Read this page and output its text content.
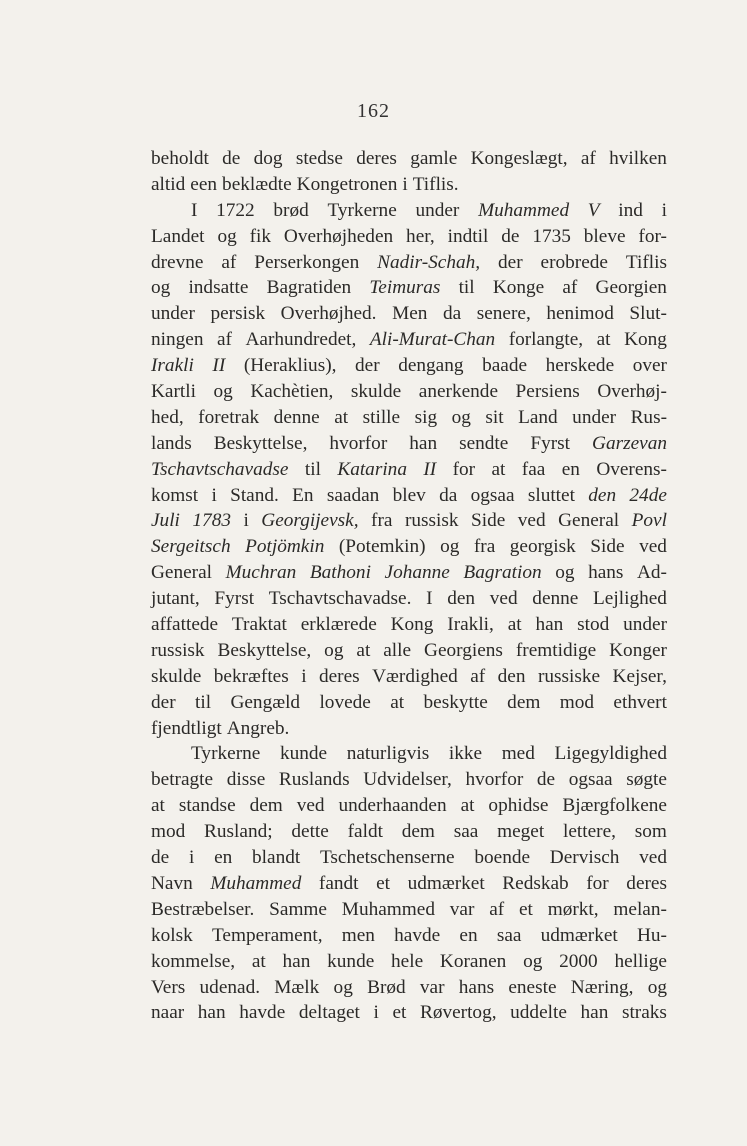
162
beholdt de dog stedse deres gamle Kongeslægt, af hvilken
altid een beklædte Kongetronen i Tiflis.
I 1722 brød Tyrkerne under Muhammed V ind i
Landet og fik Overhøjheden her, indtil de 1735 bleve for-
drevne af Perserkongen Nadir-Schah, der erobrede Tiflis
og indsatte Bagratiden Teimuras til Konge af Georgien
under persisk Overhøjhed. Men da senere, henimod Slut-
ningen af Aarhundredet, Ali-Murat-Chan forlangte, at Kong
Irakli II (Heraklius), der dengang baade herskede over
Kartli og Kachètien, skulde anerkende Persiens Overhøj-
hed, foretrak denne at stille sig og sit Land under Rus-
lands Beskyttelse, hvorfor han sendte Fyrst Garzevan
Tschavtschavadse til Katarina II for at faa en Overens-
komst i Stand. En saadan blev da ogsaa sluttet den 24de
Juli 1783 i Georgijevsk, fra russisk Side ved General Povl
Sergeitsch Potjömkin (Potemkin) og fra georgisk Side ved
General Muchran Bathoni Johanne Bagration og hans Ad-
jutant, Fyrst Tschavtschavadse. I den ved denne Lejlighed
affattede Traktat erklærede Kong Irakli, at han stod under
russisk Beskyttelse, og at alle Georgiens fremtidige Konger
skulde bekræftes i deres Værdighed af den russiske Kejser,
der til Gengæld lovede at beskytte dem mod ethvert
fjendtligt Angreb.
Tyrkerne kunde naturligvis ikke med Ligegyldighed
betragte disse Ruslands Udvidelser, hvorfor de ogsaa søgte
at standse dem ved underhaanden at ophidse Bjærgfolkene
mod Rusland; dette faldt dem saa meget lettere, som
de i en blandt Tschetschenserne boende Dervisch ved
Navn Muhammed fandt et udmærket Redskab for deres
Bestræbelser. Samme Muhammed var af et mørkt, melan-
kolsk Temperament, men havde en saa udmærket Hu-
kommelse, at han kunde hele Koranen og 2000 hellige
Vers udenad. Mælk og Brød var hans eneste Næring, og
naar han havde deltaget i et Røvertog, uddelte han straks
